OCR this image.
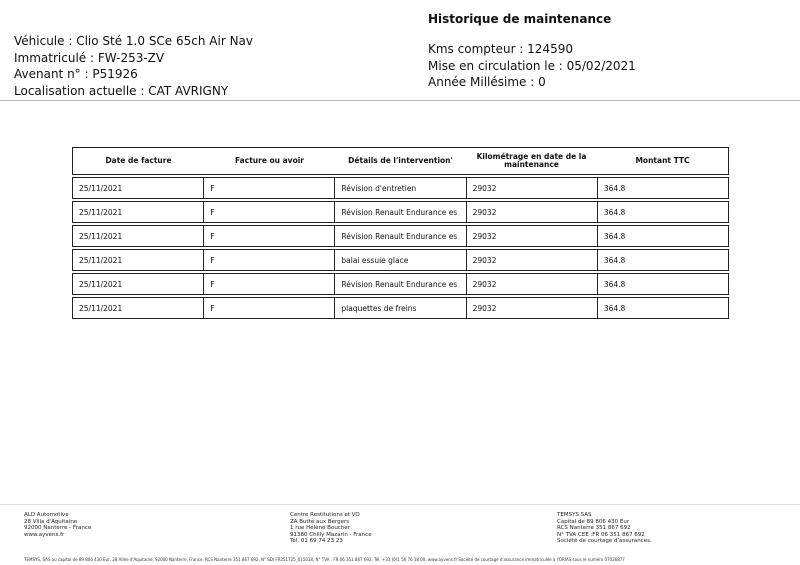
Véhicule : Clio Sté 1.0 SCe 65ch Air Nav
Immatriculé : FW-253-ZV
Avenant n° : P51926
Localisation actuelle : CAT AVRIGNY
Historique de maintenance
Kms compteur : 124590
Mise en circulation le : 05/02/2021
Année Millésime : 0
Date de facture	Facture ou avoir	Détails de l'intervention'	Kilométrage en date de la maintenance	Montant TTC
25/11/2021	F	Révision d'entretien	29032	364.8
25/11/2021	F	Révision Renault Endurance es	29032	364.8
25/11/2021	F	Révision Renault Endurance es	29032	364.8
25/11/2021	F	balai essuie glace	29032	364.8
25/11/2021	F	Révision Renault Endurance es	29032	364.8
25/11/2021	F	plaquettes de freins	29032	364.8
ALD Automotive
28 Villa d'Aquitaine
92000 Nanterre - France
www.ayvens.fr
Centre Restitutions et VO
ZA Butte aux Bergers
1 rue Hélène Boucher
91380 Chilly Mazarin - France
Tél. 01 69 74 23 23
TEMSYS SAS
Capital de 89 806 430 Eur
RCS Nanterre 351 867 692
N° TVA CEE :FR 06 351 867 692
Société de courtage d'assurances.
TEMSYS, SAS au capital de 89 806 430 Eur, 28 Allée d'Aquitaine, 92000 Nanterre, France. RCS Nanterre 351 867 692, N° SDI FR251725_015018, N° TVA : FR 06 351 867 692, Tél. +33 (0)1 56 76 18 00, www.ayvens.fr Société de courtage d'assurance immatriculée à l'ORIAS sous le numéro 07026877
